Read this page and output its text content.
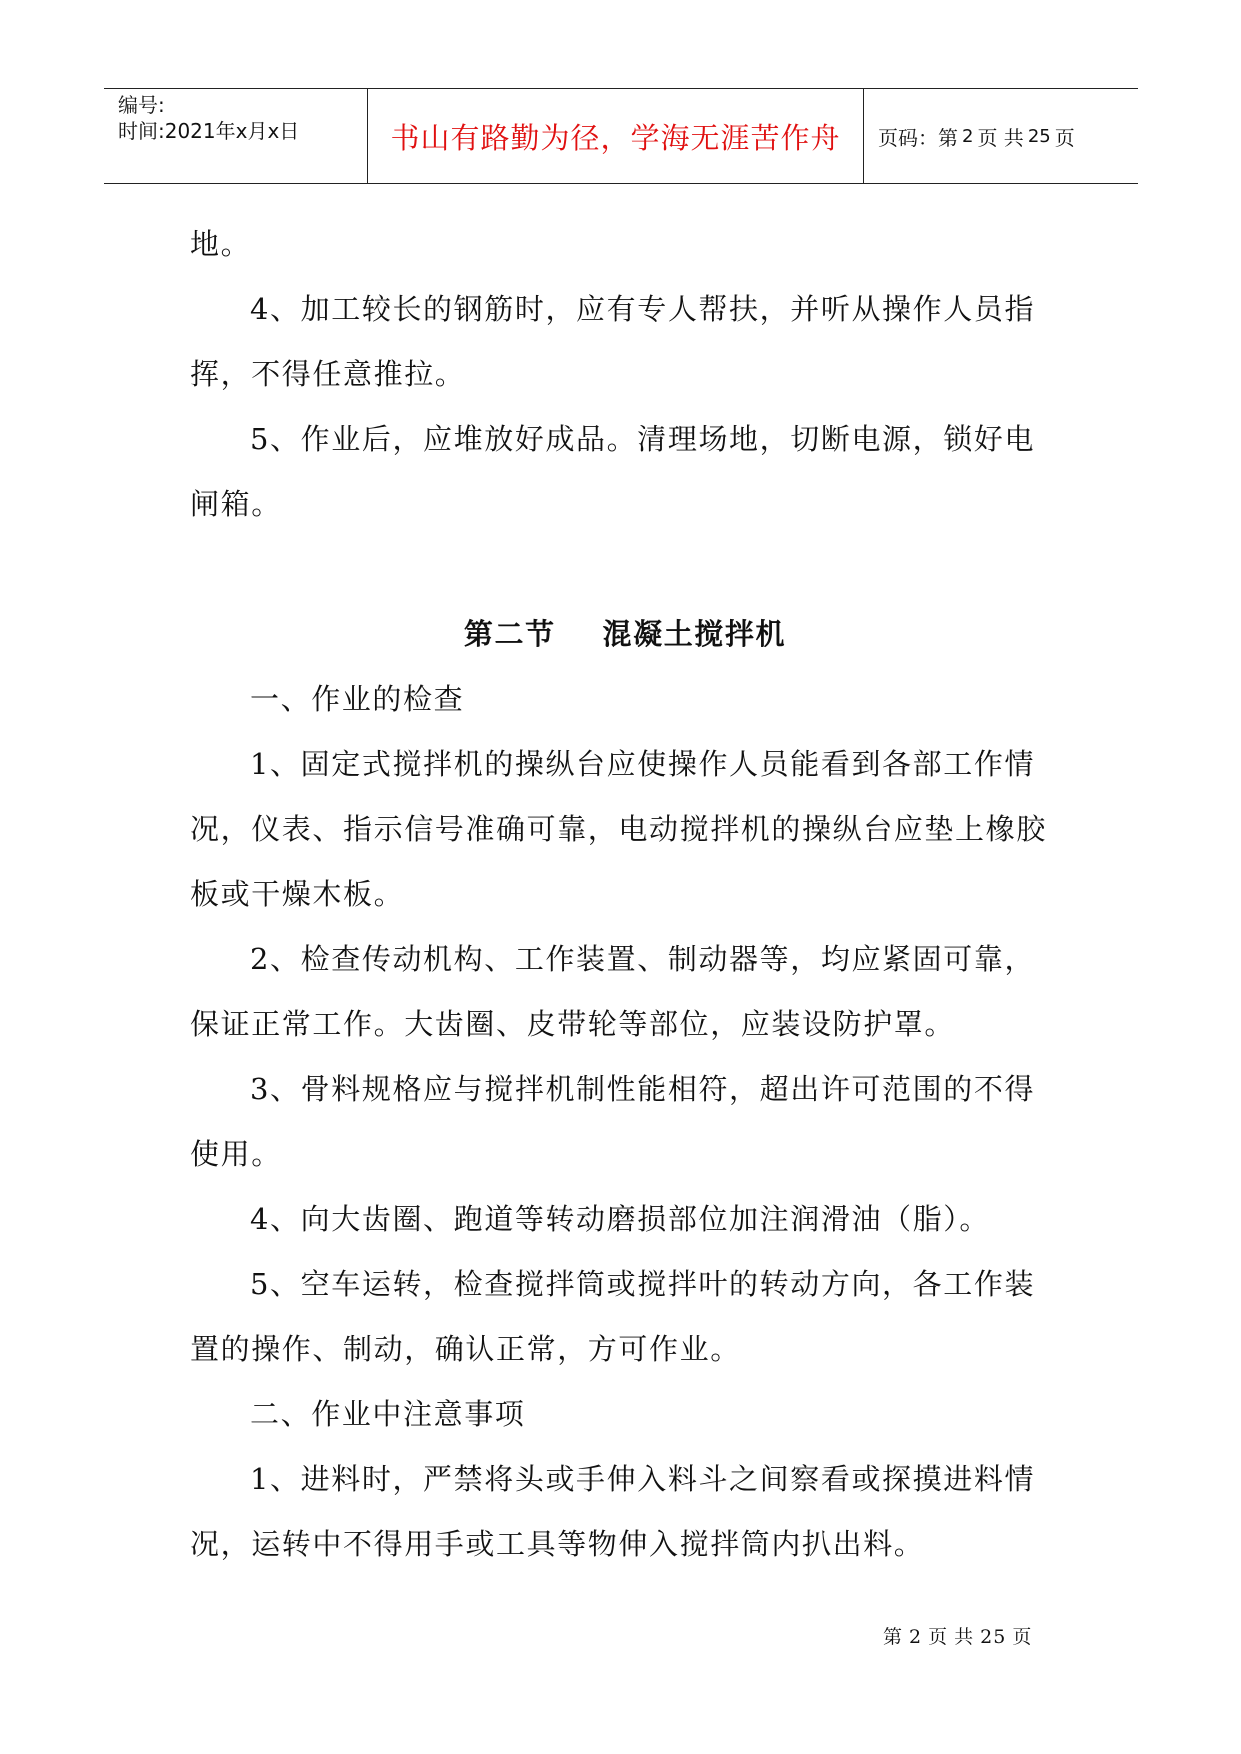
编号:
时间:2021年x月x日	书山有路勤为径，学海无涯苦作舟 页码：第 2 页 共 25 页

地。

4、加工较长的钢筋时，应有专人帮扶，并听从操作人员指

挥，不得任意推拉。

5、作业后，应堆放好成品。清理场地，切断电源，锁好电

闸箱。

第二节    混凝土搅拌机

一、作业的检查

1、固定式搅拌机的操纵台应使操作人员能看到各部工作情

况，仪表、指示信号准确可靠，电动搅拌机的操纵台应垫上橡胶

板或干燥木板。

2、检查传动机构、工作装置、制动器等，均应紧固可靠，

保证正常工作。大齿圈、皮带轮等部位，应装设防护罩。

3、骨料规格应与搅拌机制性能相符，超出许可范围的不得

使用。

4、向大齿圈、跑道等转动磨损部位加注润滑油（脂）。

5、空车运转，检查搅拌筒或搅拌叶的转动方向，各工作装

置的操作、制动，确认正常，方可作业。

二、作业中注意事项

1、进料时，严禁将头或手伸入料斗之间察看或探摸进料情

况，运转中不得用手或工具等物伸入搅拌筒内扒出料。

第 2 页 共 25 页
